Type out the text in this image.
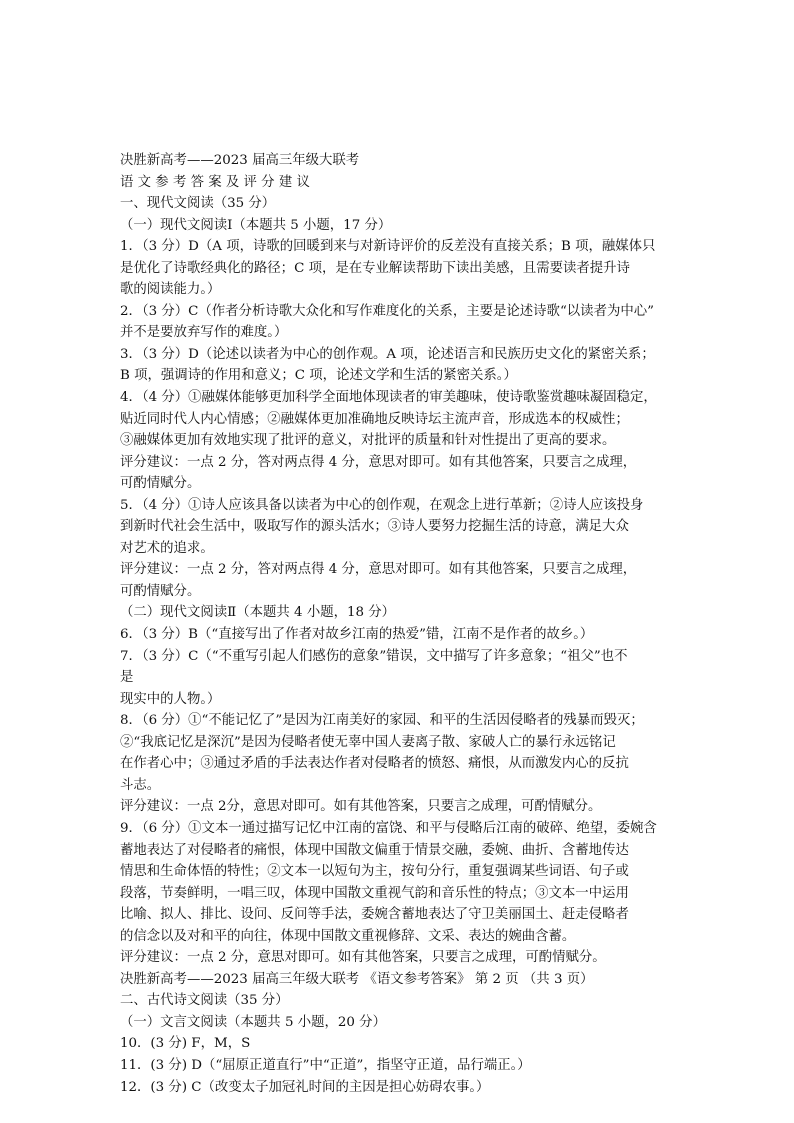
决胜新高考——2023 届高三年级大联考
语 文 参 考 答 案 及 评 分 建 议
一、现代文阅读（35 分）
（一）现代文阅读Ⅰ（本题共 5 小题，17 分）
1．（3 分）D（A 项，诗歌的回暖到来与对新诗评价的反差没有直接关系；B 项，融媒体只
是优化了诗歌经典化的路径；C 项，是在专业解读帮助下读出美感，且需要读者提升诗
歌的阅读能力。）
2．（3 分）C（作者分析诗歌大众化和写作难度化的关系，主要是论述诗歌“以读者为中心”
并不是要放弃写作的难度。）
3．（3 分）D（论述以读者为中心的创作观。A 项，论述语言和民族历史文化的紧密关系；
B 项，强调诗的作用和意义；C 项，论述文学和生活的紧密关系。）
4．（4 分）①融媒体能够更加科学全面地体现读者的审美趣味，使诗歌鉴赏趣味凝固稳定，
贴近同时代人内心情感；②融媒体更加准确地反映诗坛主流声音，形成选本的权威性；
③融媒体更加有效地实现了批评的意义，对批评的质量和针对性提出了更高的要求。
评分建议：一点 2 分，答对两点得 4 分，意思对即可。如有其他答案，只要言之成理，
可酌情赋分。
5．（4 分）①诗人应该具备以读者为中心的创作观，在观念上进行革新；②诗人应该投身
到新时代社会生活中，吸取写作的源头活水；③诗人要努力挖掘生活的诗意，满足大众
对艺术的追求。
评分建议：一点 2 分，答对两点得 4 分，意思对即可。如有其他答案，只要言之成理，
可酌情赋分。
（二）现代文阅读Ⅱ（本题共 4 小题，18 分）
6．（3 分）B（“直接写出了作者对故乡江南的热爱”错，江南不是作者的故乡。）
7．（3 分）C（“不重写引起人们感伤的意象”错误，文中描写了许多意象；“祖父”也不
是
现实中的人物。）
8．（6 分）①“不能记忆了”是因为江南美好的家园、和平的生活因侵略者的残暴而毁灭；
②“我底记忆是深沉”是因为侵略者使无辜中国人妻离子散、家破人亡的暴行永远铭记
在作者心中；③通过矛盾的手法表达作者对侵略者的愤怒、痛恨，从而激发内心的反抗
斗志。
评分建议：一点 2分，意思对即可。如有其他答案，只要言之成理，可酌情赋分。
9．（6 分）①文本一通过描写记忆中江南的富饶、和平与侵略后江南的破碎、绝望，委婉含
蓄地表达了对侵略者的痛恨，体现中国散文偏重于情景交融，委婉、曲折、含蓄地传达
情思和生命体悟的特性；②文本一以短句为主，按句分行，重复强调某些词语、句子或
段落，节奏鲜明，一唱三叹，体现中国散文重视气韵和音乐性的特点；③文本一中运用
比喻、拟人、排比、设问、反问等手法，委婉含蓄地表达了守卫美丽国土、赶走侵略者
的信念以及对和平的向往，体现中国散文重视修辞、文采、表达的婉曲含蓄。
评分建议：一点 2 分，意思对即可。如有其他答案，只要言之成理，可酌情赋分。
决胜新高考——2023 届高三年级大联考 《语文参考答案》 第 2 页 （共 3 页）
二、古代诗文阅读（35 分）
（一）文言文阅读（本题共 5 小题，20 分）
10．(3 分) F，M，S
11．(3 分) D（“屈原正道直行”中“正道”，指坚守正道，品行端正。）
12．(3 分) C（改变太子加冠礼时间的主因是担心妨碍农事。）
